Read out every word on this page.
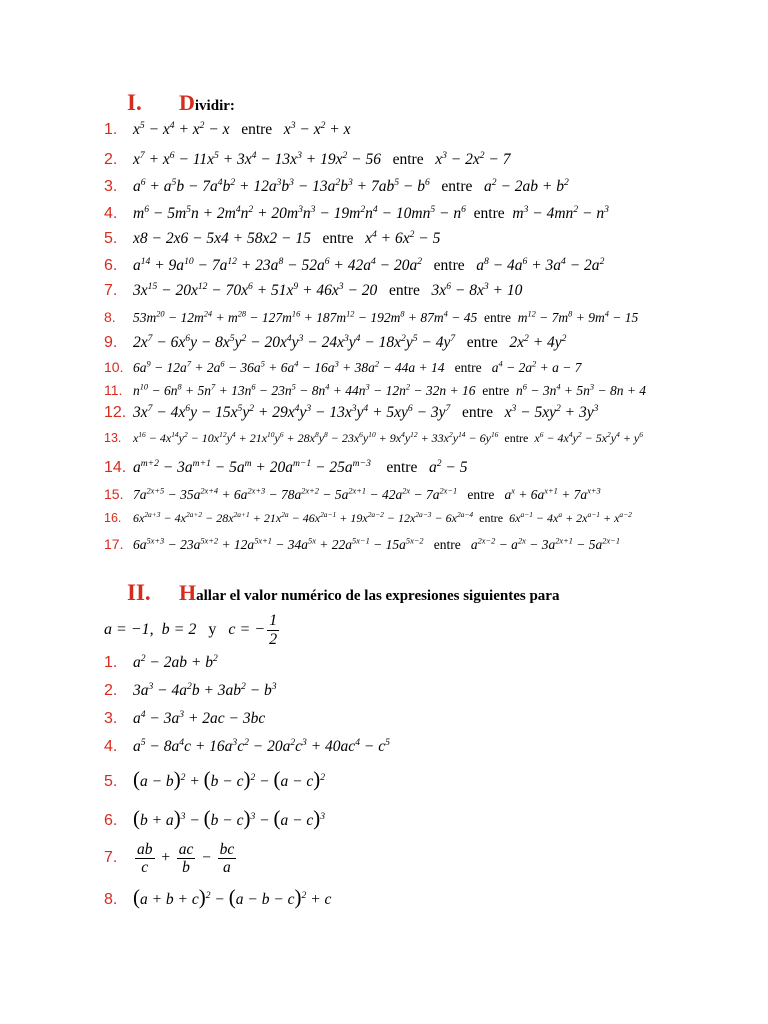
I. Dividir:
1. $x^5 - x^4 + x^2 - x$   entre   $x^3 - x^2 + x$
2. $x^7 + x^6 - 11x^5 + 3x^4 - 13x^3 + 19x^2 - 56$   entre   $x^3 - 2x^2 - 7$
3. $a^6 + a^5b - 7a^4b^2 + 12a^3b^3 - 13a^2b^3 + 7ab^5 - b^6$ entre   $a^2 - 2ab + b^2$
4. $m^6 - 5m^5n + 2m^4n^2 + 20m^3n^3 - 19m^2n^4 - 10mn^5 - n^6$ entre  $m^3 - 4mn^2 - n^3$
5. x8 − 2x6 − 5x4 + 58x2 − 15   entre   $x^4 + 6x^2 - 5$
6. $a^{14} + 9a^{10} - 7a^{12} + 23a^8 - 52a^6 + 42a^4 - 20a^2$ entre   $a^8 - 4a^6 + 3a^4 - 2a^2$
7. $3x^{15} - 20x^{12} - 70x^6 + 51x^9 + 46x^3 - 20$   entre   $3x^6 - 8x^3 + 10$
8. $53m^{20} - 12m^{24} + m^{28} - 127m^{16} + 187m^{12} - 192m^8 + 87m^4 - 45$  entre  $m^{12} - 7m^8 + 9m^4 - 15$
9. $2x^7 - 6x^6y - 8x^5y^2 - 20x^4y^3 - 24x^3y^4 - 18x^2y^5 - 4y^7$ entre   $2x^2 + 4y^2$
10. $6a^9 - 12a^7 + 2a^6 - 36a^5 + 6a^4 - 16a^3 + 38a^2 - 44a + 14$   entre   $a^4 - 2a^2 + a - 7$
11. $n^{10} - 6n^8 + 5n^7 + 13n^6 - 23n^5 - 8n^4 + 44n^3 - 12n^2 - 32n + 16$  entre  $n^6 - 3n^4 + 5n^3 - 8n + 4$
12. $3x^7 - 4x^6y - 15x^5y^2 + 29x^4y^3 - 13x^3y^4 + 5xy^6 - 3y^7$ entre   $x^3 - 5xy^2 + 3y^3$
13. $x^{16} - 4x^{14}y^2 - 10x^{12}y^4 + 21x^{10}y^6 + 28x^8y^8 - 23x^6y^{10} + 9x^4y^{12} + 33x^2y^{14} - 6y^{16}$ entre  $x^6 - 4x^4y^2 - 5x^2y^4 + y^6$
14. $a^{m+2} - 3a^{m+1} - 5a^m + 20a^{m-1} - 25a^{m-3}$ entre   $a^2 - 5$
15. $7a^{2x+5} - 35a^{2x+4} + 6a^{2x+3} - 78a^{2x+2} - 5a^{2x+1} - 42a^{2x} - 7a^{2x-1}$ entre   $a^x + 6a^{x+1} + 7a^{x+3}$
16. $6x^{2a+3} - 4x^{2a+2} - 28x^{2a+1} + 21x^{2a} - 46x^{2a-1} + 19x^{2a-2} - 12x^{2a-3} - 6x^{2a-4}$ entre  $6x^{a-1} - 4x^a + 2x^{a-1} + x^{a-2}$
17. $6a^{5x+3} - 23a^{5x+2} + 12a^{5x+1} - 34a^{5x} + 22a^{5x-1} - 15a^{5x-2}$ entre   $a^{2x-2} - a^{2x} - 3a^{2x+1} - 5a^{2x-1}$
II. Hallar el valor numérico de las expresiones siguientes para
a = −1,  b = 2   y   c = − $\frac{1}{2}$
1. $a^2 - 2ab + b^2$
2. $3a^3 - 4a^2b + 3ab^2 - b^3$
3. $a^4 - 3a^3 + 2ac - 3bc$
4. $a^5 - 8a^4c + 16a^3c^2 - 20a^2c^3 + 40ac^4 - c^5$
5. $(a - b)^2 + (b - c)^2 - (a - c)^2$
6. $(b + a)^3 - (b - c)^3 - (a - c)^3$
7. $\frac{ab}{c} + \frac{ac}{b} - \frac{bc}{a}$
8. $(a + b + c)^2 - (a - b - c)^2 + c$
